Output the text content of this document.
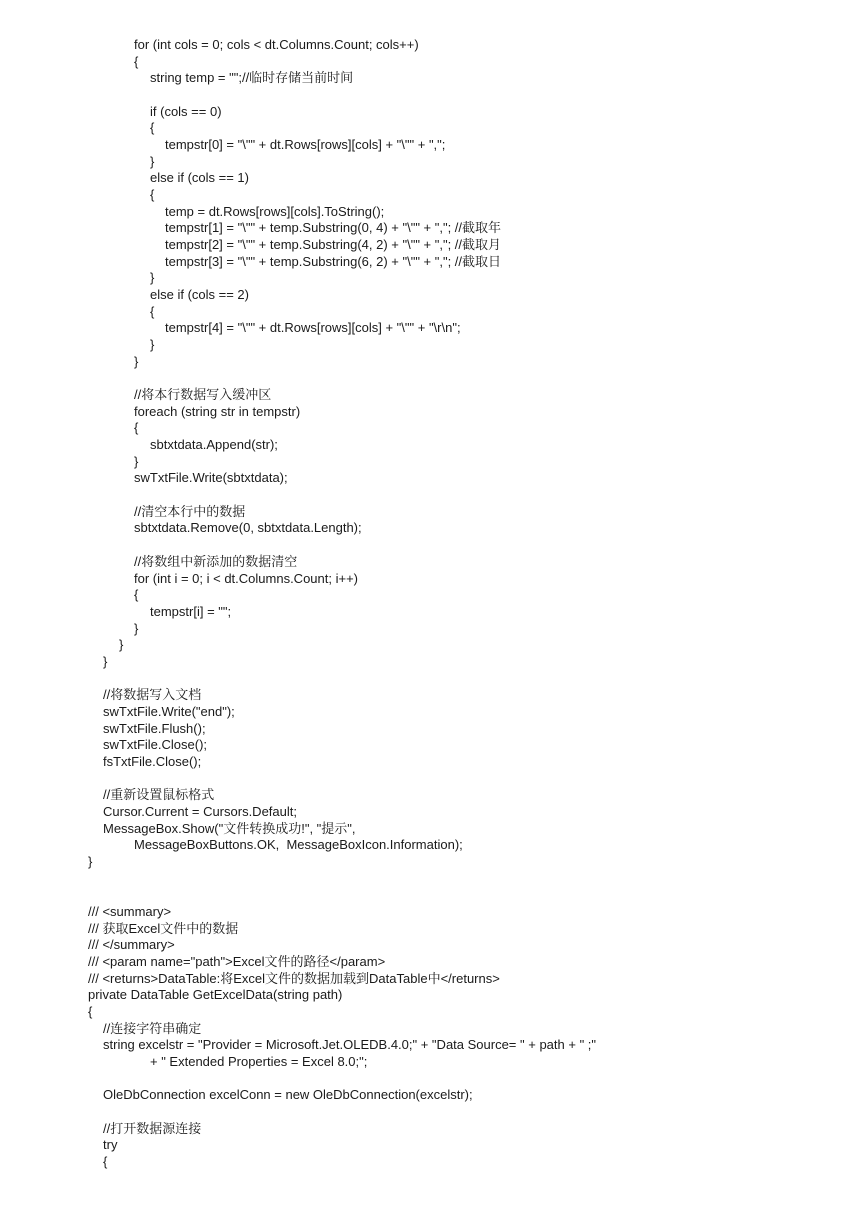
for (int cols = 0; cols < dt.Columns.Count; cols++)
{
string temp = "";//临时存储当前时间
if (cols == 0)
{
tempstr[0] = "\"" + dt.Rows[rows][cols] + "\"" + ",";
}
else if (cols == 1)
{
temp = dt.Rows[rows][cols].ToString();
tempstr[1] = "\"" + temp.Substring(0, 4) + "\"" + ","; //截取年
tempstr[2] = "\"" + temp.Substring(4, 2) + "\"" + ","; //截取月
tempstr[3] = "\"" + temp.Substring(6, 2) + "\"" + ","; //截取日
}
else if (cols == 2)
{
tempstr[4] = "\"" + dt.Rows[rows][cols] + "\"" + "\r\n";
}
}
//将本行数据写入缓冲区
foreach (string str in tempstr)
{
sbtxtdata.Append(str);
}
swTxtFile.Write(sbtxtdata);
//清空本行中的数据
sbtxtdata.Remove(0, sbtxtdata.Length);
//将数组中新添加的数据清空
for (int i = 0; i < dt.Columns.Count; i++)
{
tempstr[i] = "";
}
}
}
//将数据写入文档
swTxtFile.Write("end");
swTxtFile.Flush();
swTxtFile.Close();
fsTxtFile.Close();
//重新设置鼠标格式
Cursor.Current = Cursors.Default;
MessageBox.Show("文件转换成功!", "提示",
MessageBoxButtons.OK,  MessageBoxIcon.Information);
}
/// <summary>
/// 获取Excel文件中的数据
/// </summary>
/// <param name="path">Excel文件的路径</param>
/// <returns>DataTable:将Excel文件的数据加载到DataTable中</returns>
private DataTable GetExcelData(string path)
{
//连接字符串确定
string excelstr = "Provider = Microsoft.Jet.OLEDB.4.0;" + "Data Source= " + path + " ;"
+ " Extended Properties = Excel 8.0;";
OleDbConnection excelConn = new OleDbConnection(excelstr);
//打开数据源连接
try
{
